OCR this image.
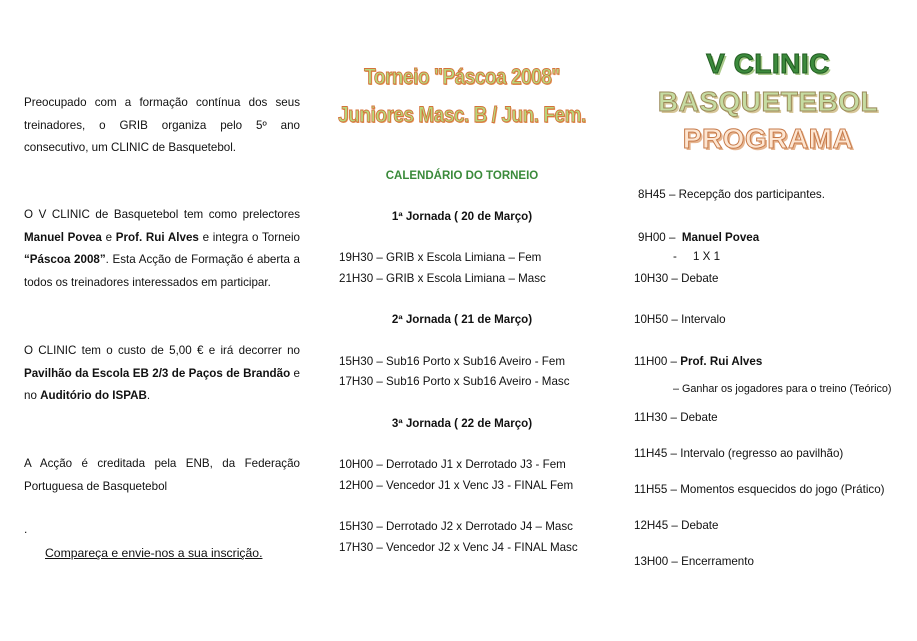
Preocupado com a formação contínua dos seus treinadores, o GRIB organiza pelo 5º ano consecutivo, um CLINIC de Basquetebol.
O V CLINIC de Basquetebol tem como prelectores Manuel Povea e Prof. Rui Alves e integra o Torneio “Páscoa 2008”. Esta Acção de Formação é aberta a todos os treinadores interessados em participar.
O CLINIC tem o custo de 5,00 € e irá decorrer no Pavilhão da Escola EB 2/3 de Paços de Brandão e no Auditório do ISPAB.
A Acção é creditada pela ENB, da Federação Portuguesa de Basquetebol
.
Compareça e envie-nos a sua inscrição.
Torneio "Páscoa 2008"
Juniores Masc. B / Jun. Fem.
CALENDÁRIO DO TORNEIO
1ª Jornada ( 20 de Março)
19H30 – GRIB x Escola Limiana – Fem
21H30 – GRIB x Escola Limiana – Masc
2ª Jornada ( 21 de Março)
15H30 – Sub16 Porto x Sub16 Aveiro - Fem
17H30 – Sub16 Porto x Sub16 Aveiro - Masc
3ª Jornada ( 22 de Março)
10H00 – Derrotado J1 x Derrotado J3 - Fem
12H00 – Vencedor J1 x Venc J3 - FINAL Fem
15H30 – Derrotado J2 x Derrotado J4 – Masc
17H30 – Vencedor J2 x Venc J4 - FINAL Masc
V CLINIC
BASQUETEBOL
PROGRAMA
8H45 – Recepção dos participantes.
9H00 – Manuel Povea
- 1 X 1
10H30 – Debate
10H50 – Intervalo
11H00 – Prof. Rui Alves
– Ganhar os jogadores para o treino (Teórico)
11H30 – Debate
11H45 – Intervalo (regresso ao pavilhão)
11H55 – Momentos esquecidos do jogo (Prático)
12H45 – Debate
13H00 – Encerramento
